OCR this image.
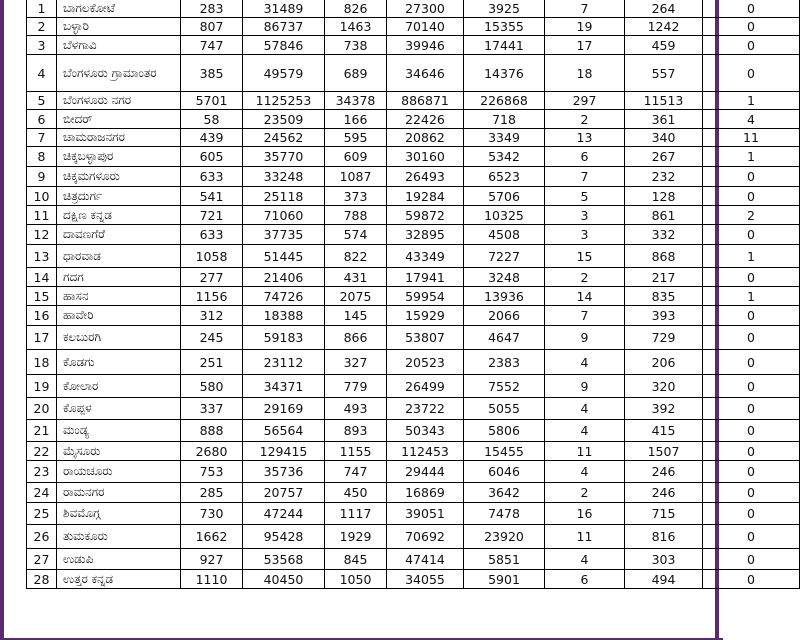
1	ಬಾಗಲಕೋಟೆ	283	31489	826	27300	3925	7	264	0
2	ಬಳ್ಳಾರಿ	807	86737	1463	70140	15355	19	1242	0
3	ಬೆಳಗಾವಿ	747	57846	738	39946	17441	17	459	0
4	ಬೆಂಗಳೂರು ಗ್ರಾಮಾಂತರ	385	49579	689	34646	14376	18	557	0
5	ಬೆಂಗಳೂರು ನಗರ	5701	1125253	34378	886871	226868	297	11513	1
6	ಬೀದರ್	58	23509	166	22426	718	2	361	4
7	ಚಾಮರಾಜನಗರ	439	24562	595	20862	3349	13	340	11
8	ಚಿಕ್ಕಬಳ್ಳಾಪುರ	605	35770	609	30160	5342	6	267	1
9	ಚಿಕ್ಕಮಗಳೂರು	633	33248	1087	26493	6523	7	232	0
10	ಚಿತ್ರದುರ್ಗ	541	25118	373	19284	5706	5	128	0
11	ದಕ್ಷಿಣ ಕನ್ನಡ	721	71060	788	59872	10325	3	861	2
12	ದಾವಣಗೆರೆ	633	37735	574	32895	4508	3	332	0
13	ಧಾರವಾಡ	1058	51445	822	43349	7227	15	868	1
14	ಗದಗ	277	21406	431	17941	3248	2	217	0
15	ಹಾಸನ	1156	74726	2075	59954	13936	14	835	1
16	ಹಾವೇರಿ	312	18388	145	15929	2066	7	393	0
17	ಕಲಬುರಗಿ	245	59183	866	53807	4647	9	729	0
18	ಕೊಡಗು	251	23112	327	20523	2383	4	206	0
19	ಕೋಲಾರ	580	34371	779	26499	7552	9	320	0
20	ಕೊಪ್ಪಳ	337	29169	493	23722	5055	4	392	0
21	ಮಂಡ್ಯ	888	56564	893	50343	5806	4	415	0
22	ಮೈಸೂರು	2680	129415	1155	112453	15455	11	1507	0
23	ರಾಯಚೂರು	753	35736	747	29444	6046	4	246	0
24	ರಾಮನಗರ	285	20757	450	16869	3642	2	246	0
25	ಶಿವಮೊಗ್ಗ	730	47244	1117	39051	7478	16	715	0
26	ತುಮಕೂರು	1662	95428	1929	70692	23920	11	816	0
27	ಉಡುಪಿ	927	53568	845	47414	5851	4	303	0
28	ಉತ್ತರ ಕನ್ನಡ	1110	40450	1050	34055	5901	6	494	0
